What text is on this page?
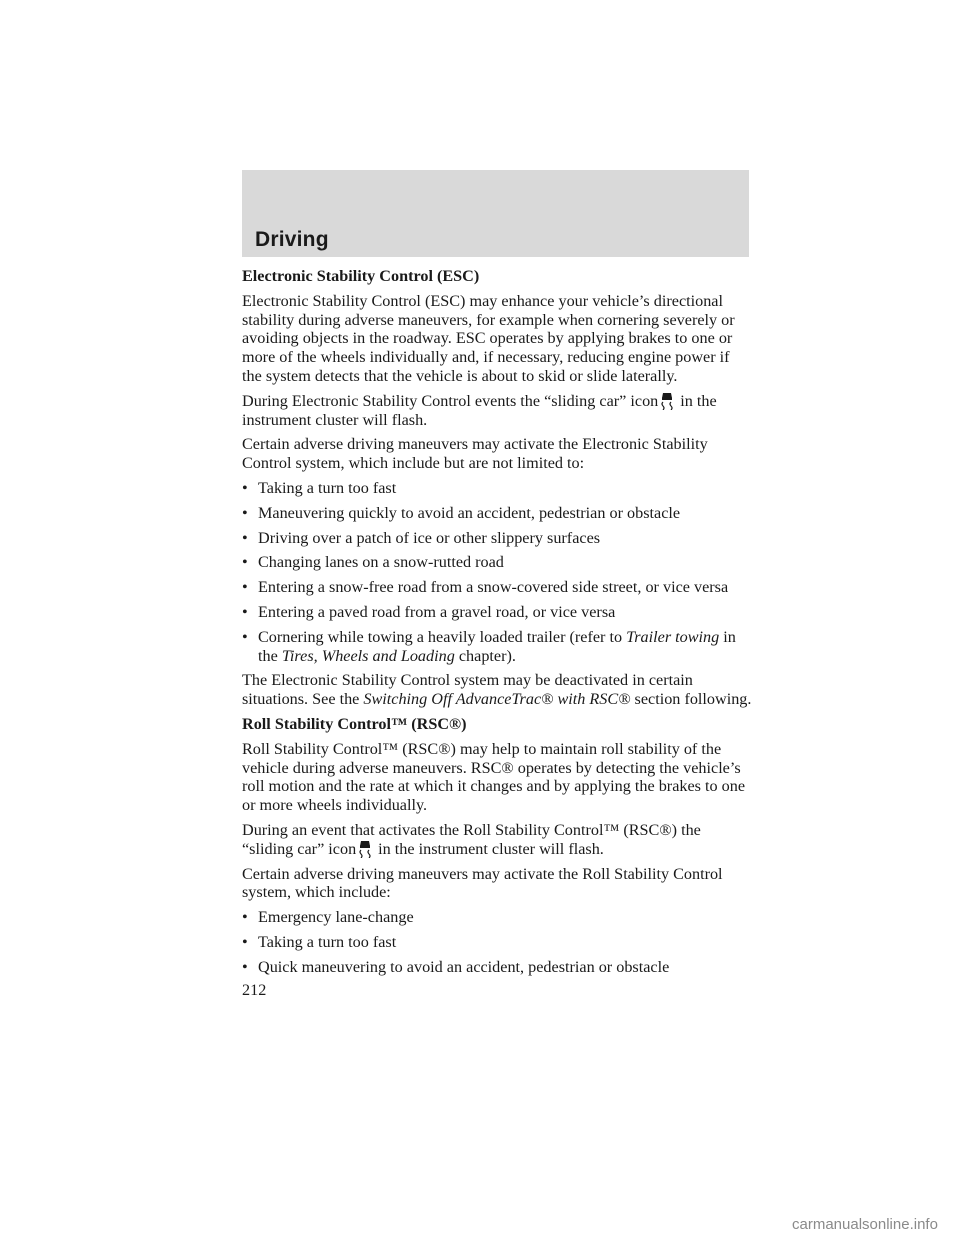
Driving
Electronic Stability Control (ESC)

Electronic Stability Control (ESC) may enhance your vehicle’s directional stability during adverse maneuvers, for example when cornering severely or avoiding objects in the roadway. ESC operates by applying brakes to one or more of the wheels individually and, if necessary, reducing engine power if the system detects that the vehicle is about to skid or slide laterally.

During Electronic Stability Control events the “sliding car” icon in the instrument cluster will flash.

Certain adverse driving maneuvers may activate the Electronic Stability Control system, which include but are not limited to:

• Taking a turn too fast
• Maneuvering quickly to avoid an accident, pedestrian or obstacle
• Driving over a patch of ice or other slippery surfaces
• Changing lanes on a snow-rutted road
• Entering a snow-free road from a snow-covered side street, or vice versa
• Entering a paved road from a gravel road, or vice versa
• Cornering while towing a heavily loaded trailer (refer to Trailer towing in the Tires, Wheels and Loading chapter).

The Electronic Stability Control system may be deactivated in certain situations. See the Switching Off AdvanceTrac® with RSC® section following.

Roll Stability Control™ (RSC®)

Roll Stability Control™ (RSC®) may help to maintain roll stability of the vehicle during adverse maneuvers. RSC® operates by detecting the vehicle’s roll motion and the rate at which it changes and by applying the brakes to one or more wheels individually.

During an event that activates the Roll Stability Control™ (RSC®) the “sliding car” icon in the instrument cluster will flash.

Certain adverse driving maneuvers may activate the Roll Stability Control system, which include:

• Emergency lane-change
• Taking a turn too fast
• Quick maneuvering to avoid an accident, pedestrian or obstacle
212
carmanualsonline.info
